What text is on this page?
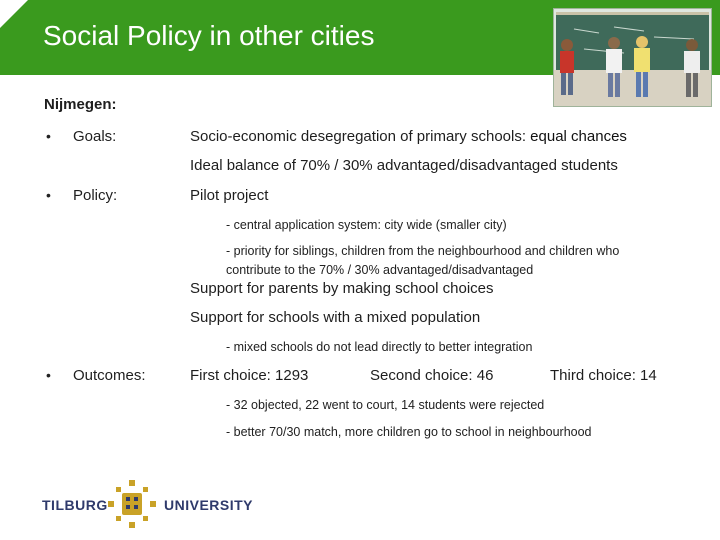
Social Policy in other cities
Nijmegen:
• Goals:	Socio-economic desegregation of primary schools: equal chances
Ideal balance of 70% / 30% advantaged/disadvantaged students
• Policy:	Pilot project
- central application system: city wide (smaller city)
- priority for siblings, children from the neighbourhood and children who
contribute to the 70% / 30% advantaged/disadvantaged
Support for parents by making school choices
Support for schools with a mixed population
- mixed schools do not lead directly to better integration
• Outcomes:	First choice: 1293	Second choice: 46	Third choice: 14
- 32 objected, 22 went to court, 14 students were rejected
- better 70/30 match, more children go to school in neighbourhood
TILBURG	UNIVERSITY
